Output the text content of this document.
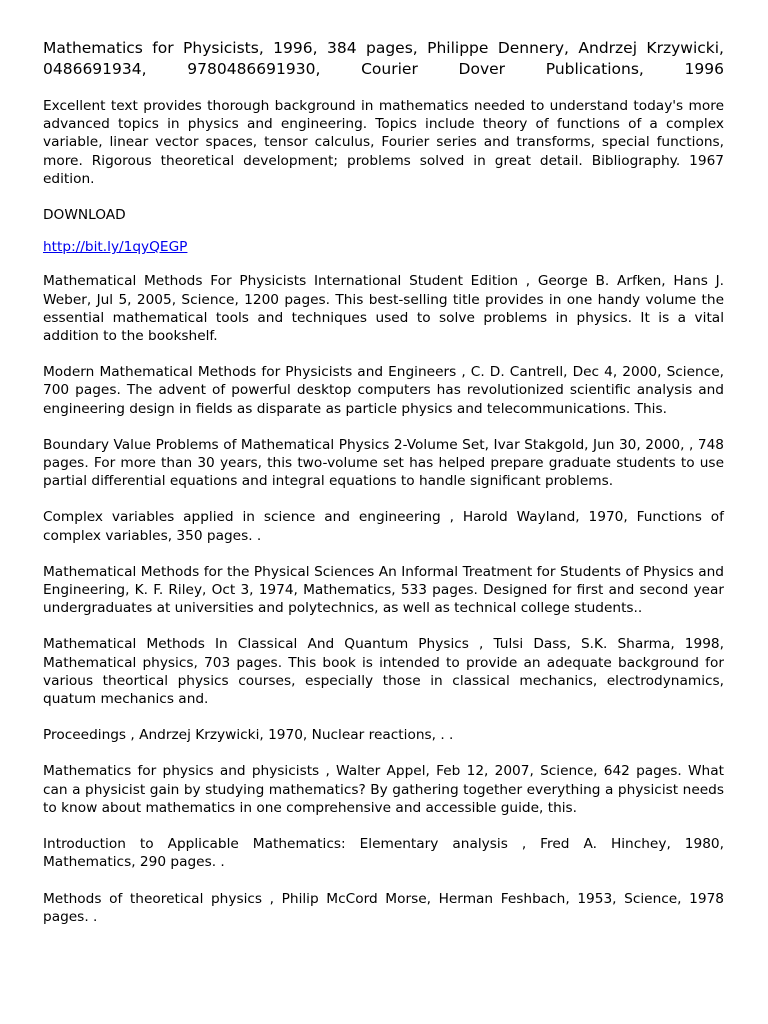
Mathematics for Physicists, 1996, 384 pages, Philippe Dennery, Andrzej Krzywicki,
0486691934, 9780486691930, Courier Dover Publications, 1996

Excellent text provides thorough background in mathematics needed to understand today's more advanced topics in physics and engineering. Topics include theory of functions of a complex variable, linear vector spaces, tensor calculus, Fourier series and transforms, special functions, more. Rigorous theoretical development; problems solved in great detail. Bibliography. 1967 edition.

DOWNLOAD

http://bit.ly/1qyQEGP

Mathematical Methods For Physicists International Student Edition , George B. Arfken, Hans J. Weber, Jul 5, 2005, Science, 1200 pages. This best-selling title provides in one handy volume the essential mathematical tools and techniques used to solve problems in physics. It is a vital addition to the bookshelf.

Modern Mathematical Methods for Physicists and Engineers , C. D. Cantrell, Dec 4, 2000, Science, 700 pages. The advent of powerful desktop computers has revolutionized scientific analysis and engineering design in fields as disparate as particle physics and telecommunications. This.

Boundary Value Problems of Mathematical Physics 2-Volume Set, Ivar Stakgold, Jun 30, 2000, , 748 pages. For more than 30 years, this two-volume set has helped prepare graduate students to use partial differential equations and integral equations to handle significant problems.

Complex variables applied in science and engineering , Harold Wayland, 1970, Functions of complex variables, 350 pages. .

Mathematical Methods for the Physical Sciences An Informal Treatment for Students of Physics and Engineering, K. F. Riley, Oct 3, 1974, Mathematics, 533 pages. Designed for first and second year undergraduates at universities and polytechnics, as well as technical college students..

Mathematical Methods In Classical And Quantum Physics , Tulsi Dass, S.K. Sharma, 1998, Mathematical physics, 703 pages. This book is intended to provide an adequate background for various theortical physics courses, especially those in classical mechanics, electrodynamics, quatum mechanics and.

Proceedings , Andrzej Krzywicki, 1970, Nuclear reactions, . .

Mathematics for physics and physicists , Walter Appel, Feb 12, 2007, Science, 642 pages. What can a physicist gain by studying mathematics? By gathering together everything a physicist needs to know about mathematics in one comprehensive and accessible guide, this.

Introduction to Applicable Mathematics: Elementary analysis , Fred A. Hinchey, 1980, Mathematics, 290 pages. .

Methods of theoretical physics , Philip McCord Morse, Herman Feshbach, 1953, Science, 1978 pages. .
